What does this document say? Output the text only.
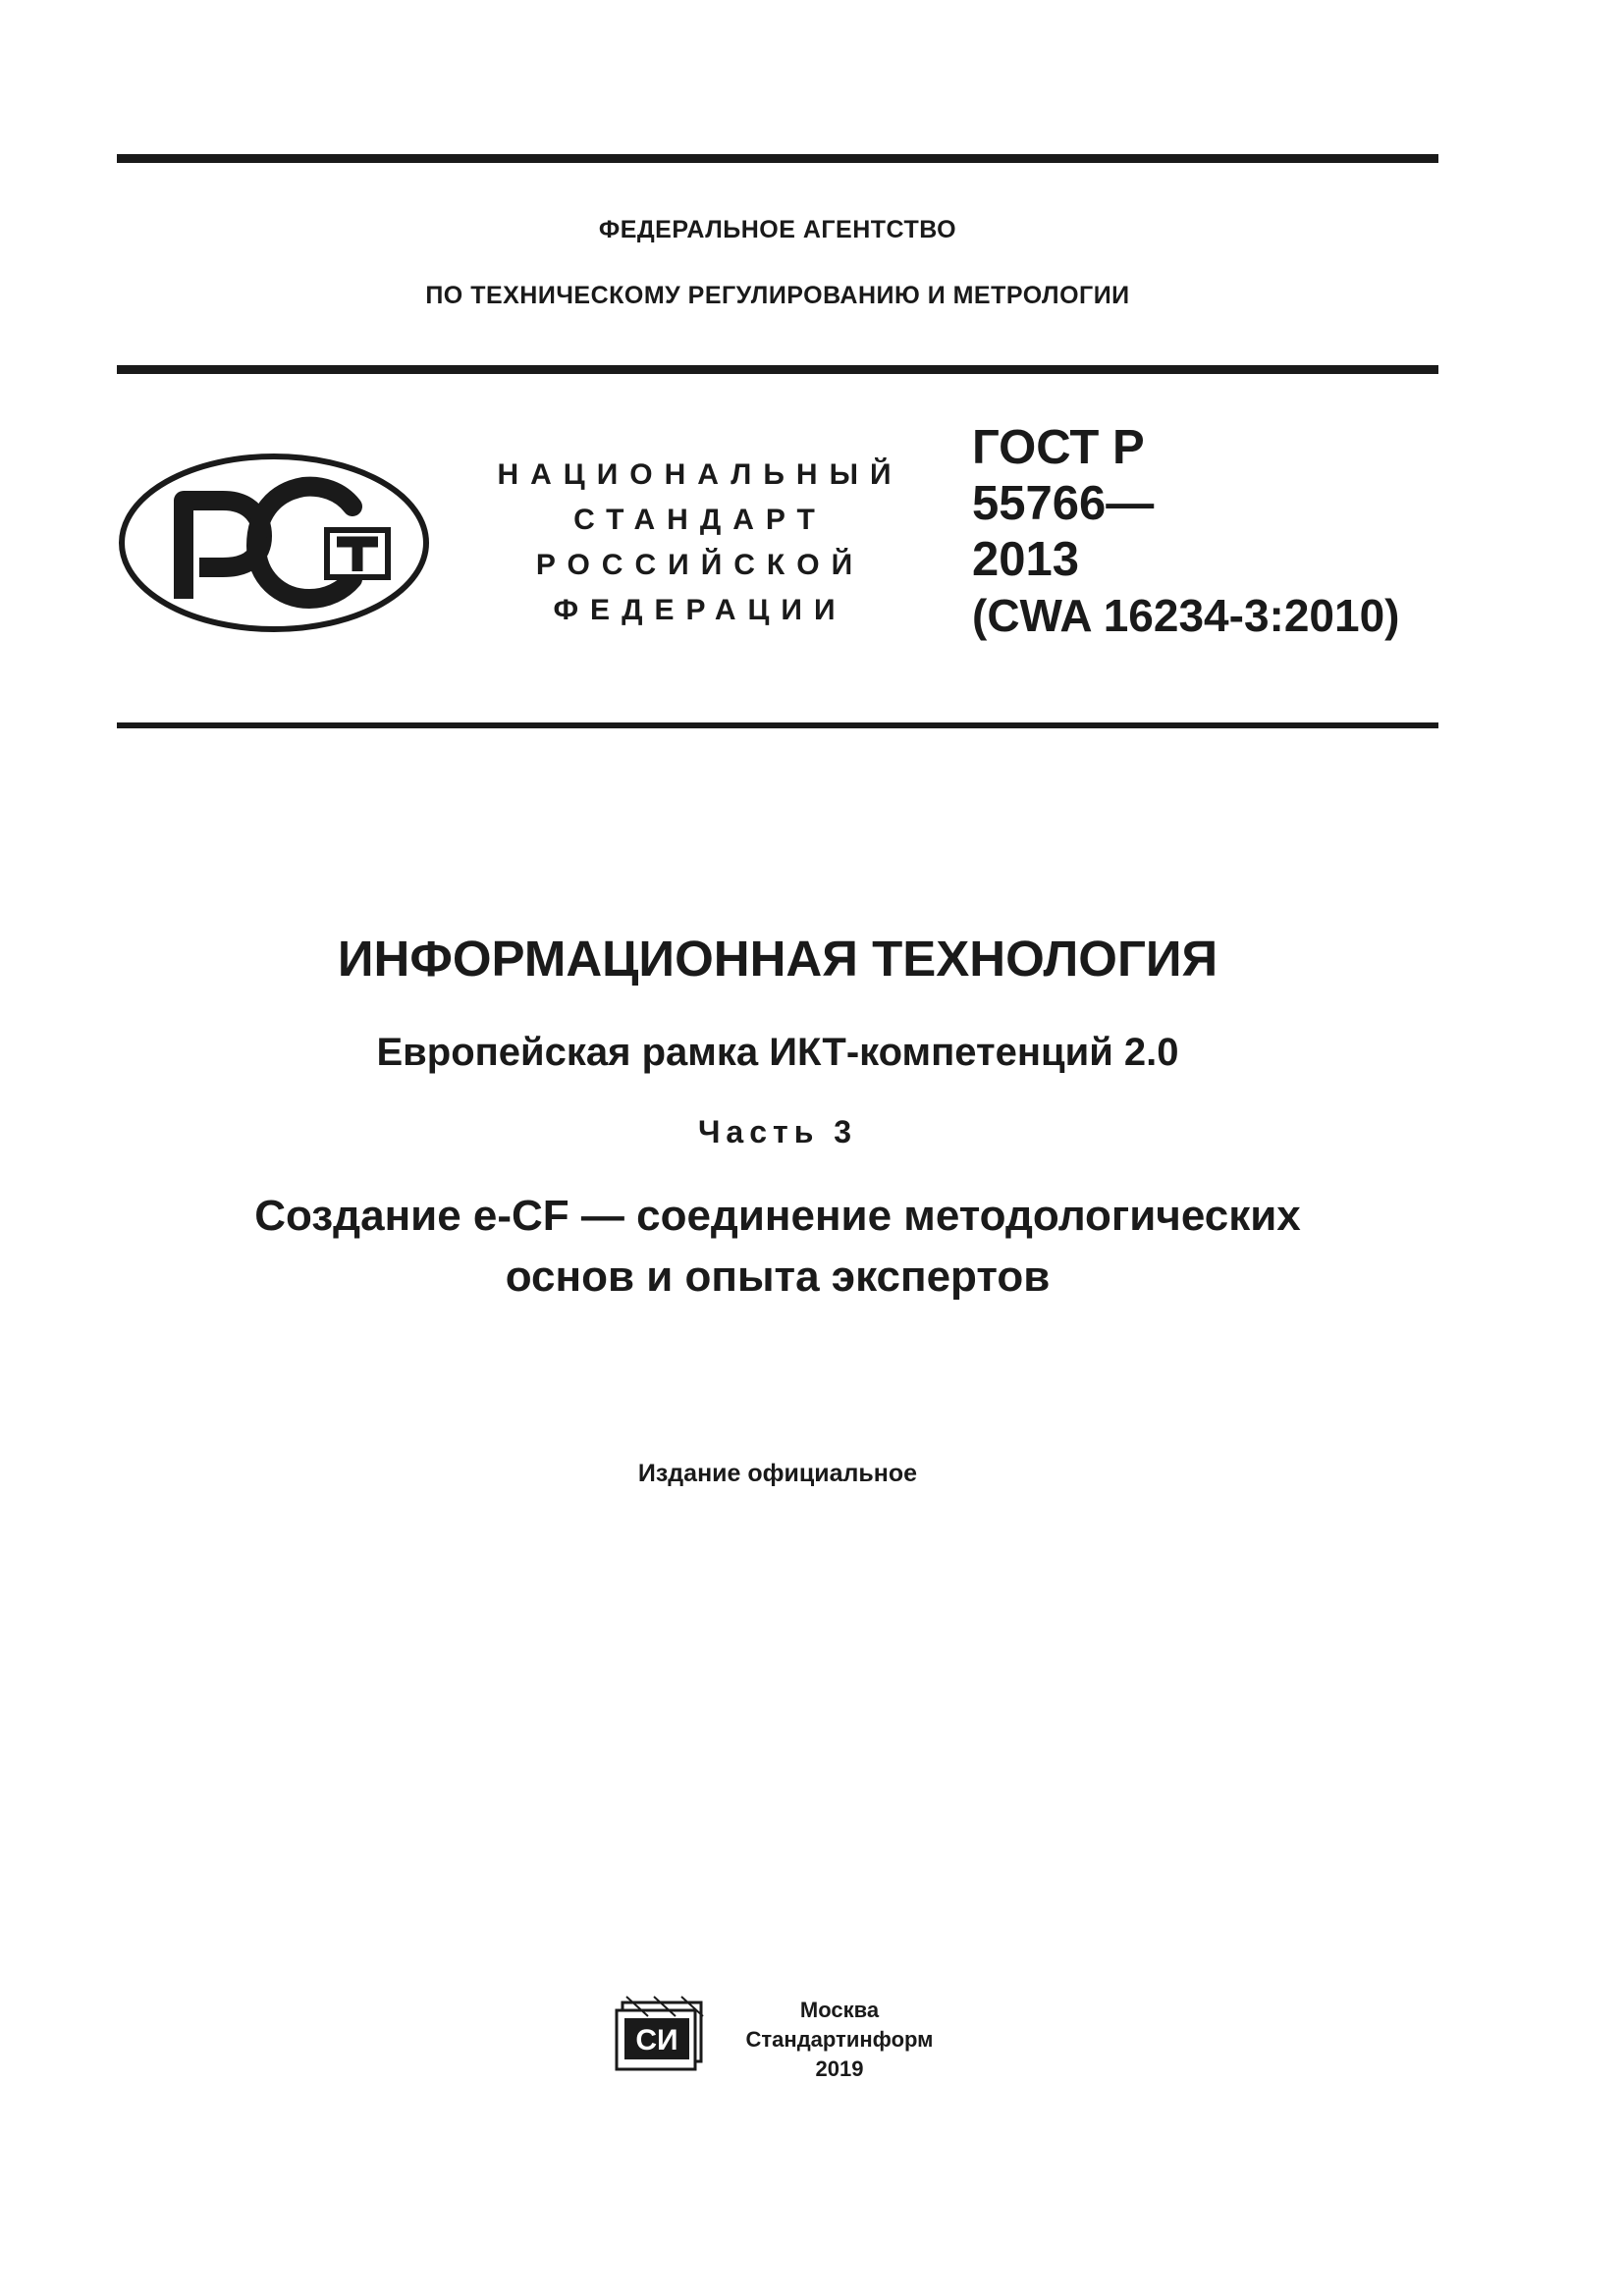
ФЕДЕРАЛЬНОЕ АГЕНТСТВО
ПО ТЕХНИЧЕСКОМУ РЕГУЛИРОВАНИЮ И МЕТРОЛОГИИ
НАЦИОНАЛЬНЫЙ
СТАНДАРТ
РОССИЙСКОЙ
ФЕДЕРАЦИИ
ГОСТ Р
55766—
2013
(CWA 16234-3:2010)
ИНФОРМАЦИОННАЯ ТЕХНОЛОГИЯ
Европейская рамка ИКТ-компетенций 2.0
Часть 3
Создание e-CF — соединение методологических
основ и опыта экспертов
Издание официальное
СИ
Москва
Стандартинформ
2019
